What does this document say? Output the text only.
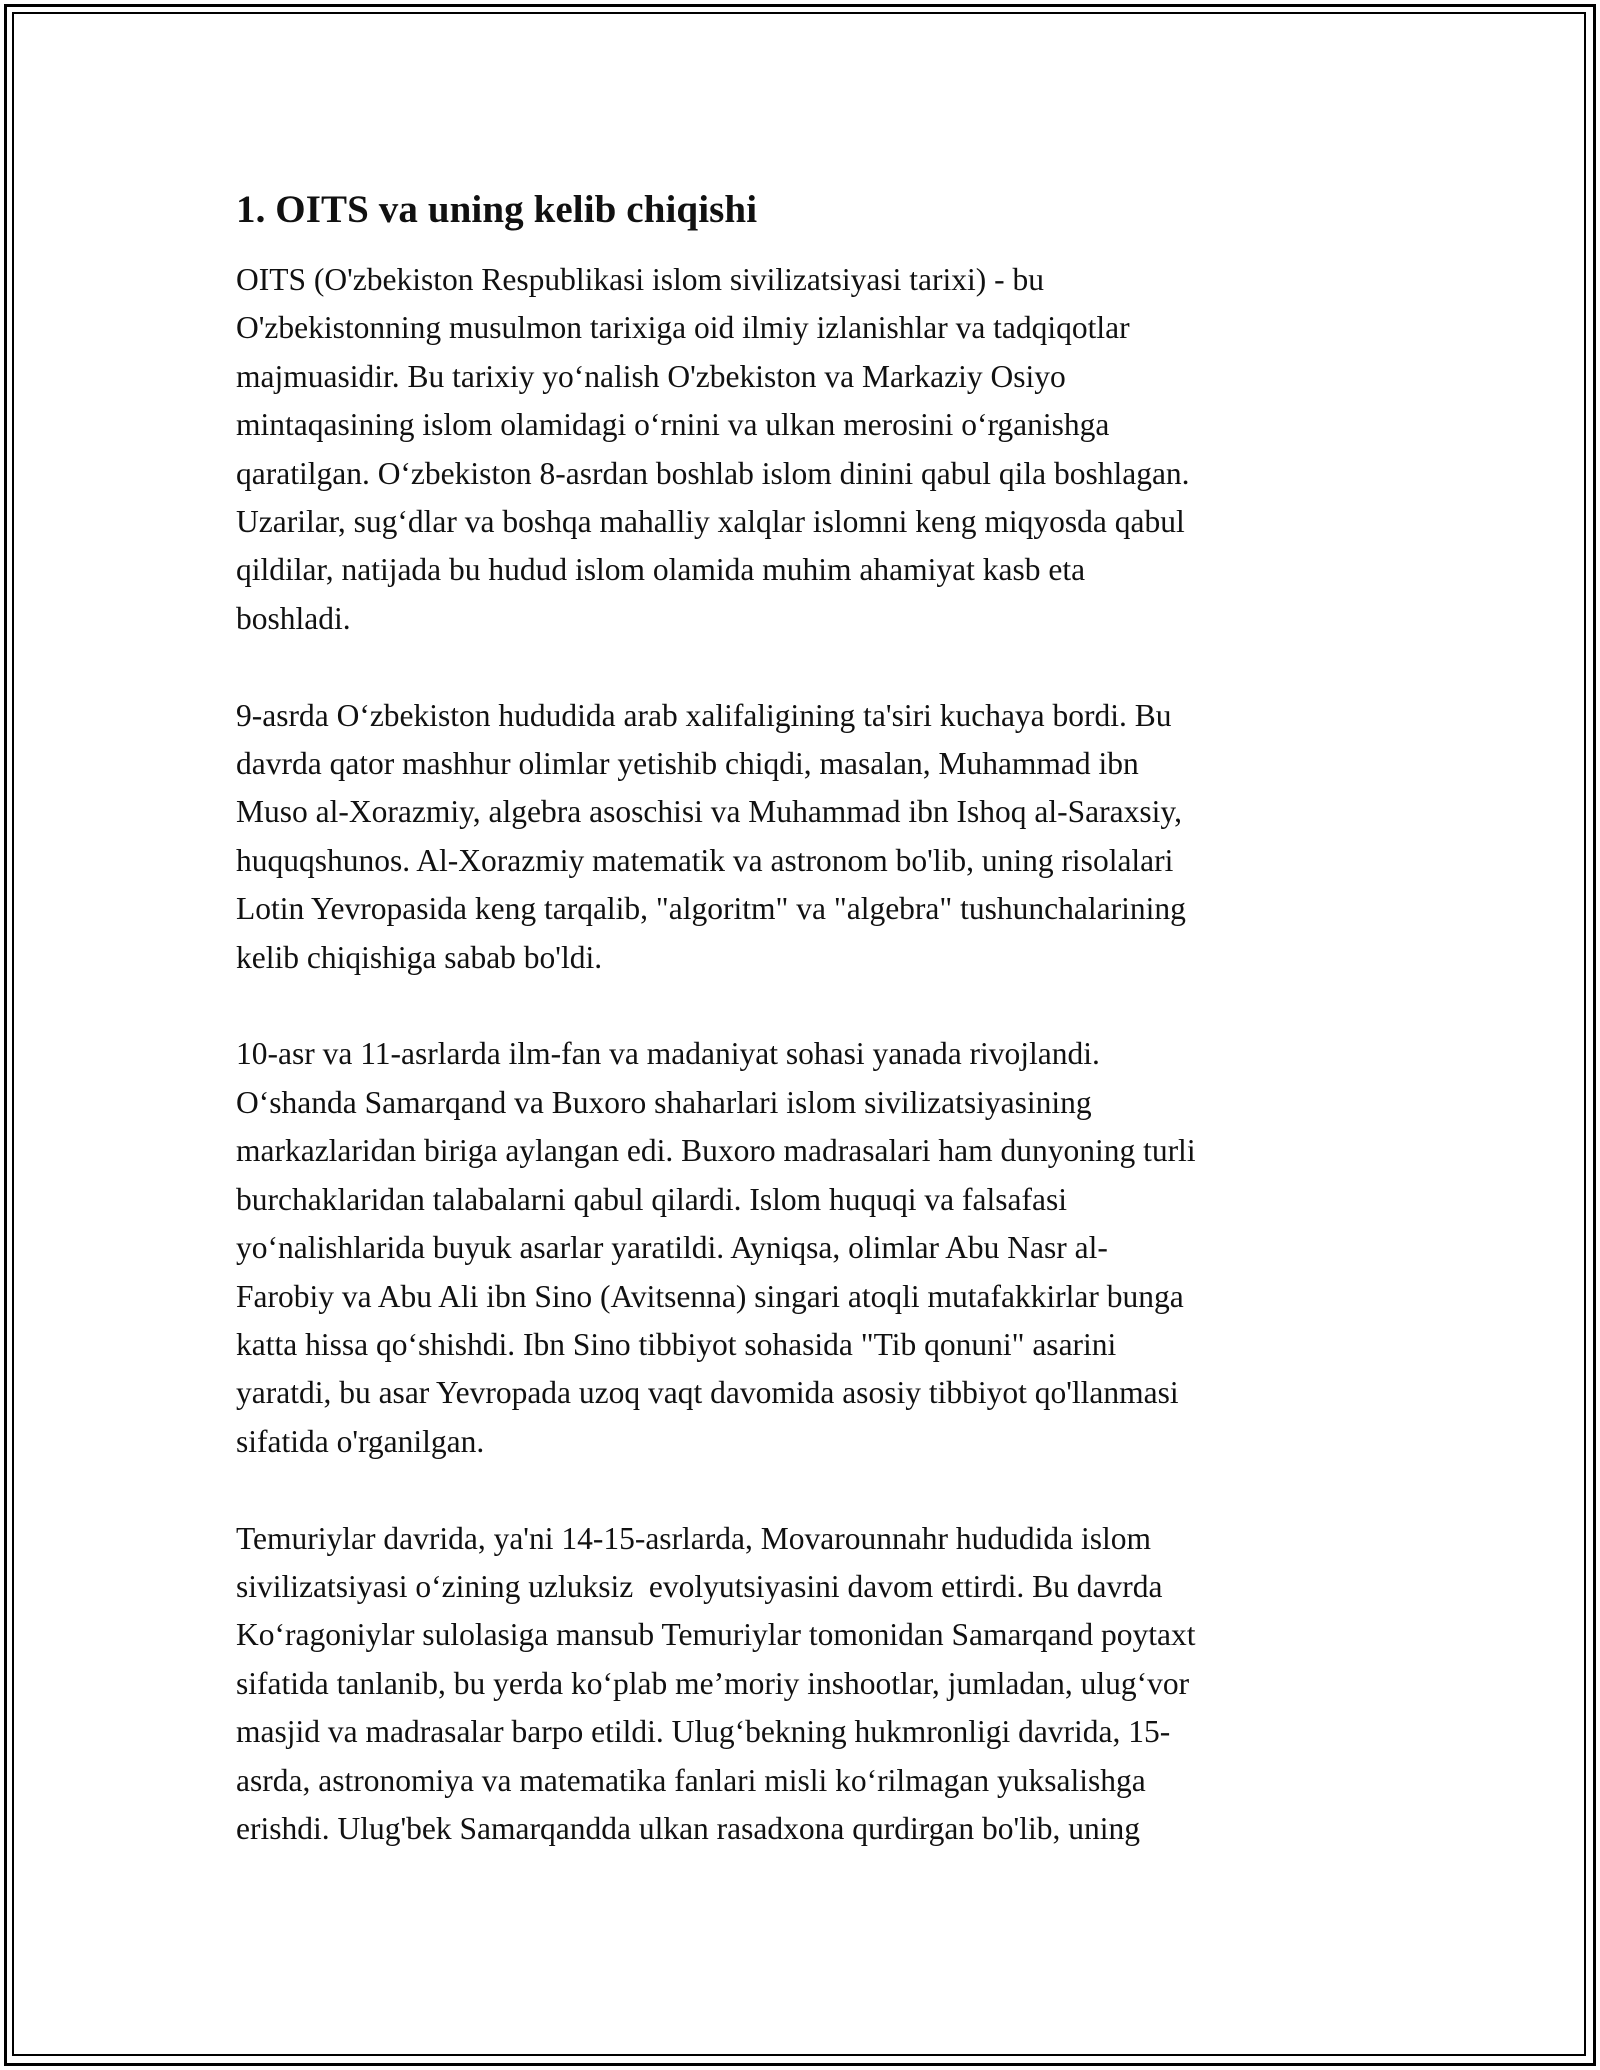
1. OITS va uning kelib chiqishi
OITS (O'zbekiston Respublikasi islom sivilizatsiyasi tarixi) - bu
O'zbekistonning musulmon tarixiga oid ilmiy izlanishlar va tadqiqotlar
majmuasidir. Bu tarixiy yo‘nalish O'zbekiston va Markaziy Osiyo
mintaqasining islom olamidagi o‘rnini va ulkan merosini o‘rganishga
qaratilgan. O‘zbekiston 8-asrdan boshlab islom dinini qabul qila boshlagan.
Uzarilar, sug‘dlar va boshqa mahalliy xalqlar islomni keng miqyosda qabul
qildilar, natijada bu hudud islom olamida muhim ahamiyat kasb eta
boshladi.
9-asrda O‘zbekiston hududida arab xalifaligining ta'siri kuchaya bordi. Bu
davrda qator mashhur olimlar yetishib chiqdi, masalan, Muhammad ibn
Muso al-Xorazmiy, algebra asoschisi va Muhammad ibn Ishoq al-Saraxsiy,
huquqshunos. Al-Xorazmiy matematik va astronom bo'lib, uning risolalari
Lotin Yevropasida keng tarqalib, "algoritm" va "algebra" tushunchalarining
kelib chiqishiga sabab bo'ldi.
10-asr va 11-asrlarda ilm-fan va madaniyat sohasi yanada rivojlandi.
O‘shanda Samarqand va Buxoro shaharlari islom sivilizatsiyasining
markazlaridan biriga aylangan edi. Buxoro madrasalari ham dunyoning turli
burchaklaridan talabalarni qabul qilardi. Islom huquqi va falsafasi
yo‘nalishlarida buyuk asarlar yaratildi. Ayniqsa, olimlar Abu Nasr al-
Farobiy va Abu Ali ibn Sino (Avitsenna) singari atoqli mutafakkirlar bunga
katta hissa qo‘shishdi. Ibn Sino tibbiyot sohasida "Tib qonuni" asarini
yaratdi, bu asar Yevropada uzoq vaqt davomida asosiy tibbiyot qo'llanmasi
sifatida o'rganilgan.
Temuriylar davrida, ya'ni 14-15-asrlarda, Movarounnahr hududida islom
sivilizatsiyasi o‘zining uzluksiz  evolyutsiyasini davom ettirdi. Bu davrda
Ko‘ragoniylar sulolasiga mansub Temuriylar tomonidan Samarqand poytaxt
sifatida tanlanib, bu yerda ko‘plab me’moriy inshootlar, jumladan, ulug‘vor
masjid va madrasalar barpo etildi. Ulug‘bekning hukmronligi davrida, 15-
asrda, astronomiya va matematika fanlari misli ko‘rilmagan yuksalishga
erishdi. Ulug'bek Samarqandda ulkan rasadxona qurdirgan bo'lib, uning
